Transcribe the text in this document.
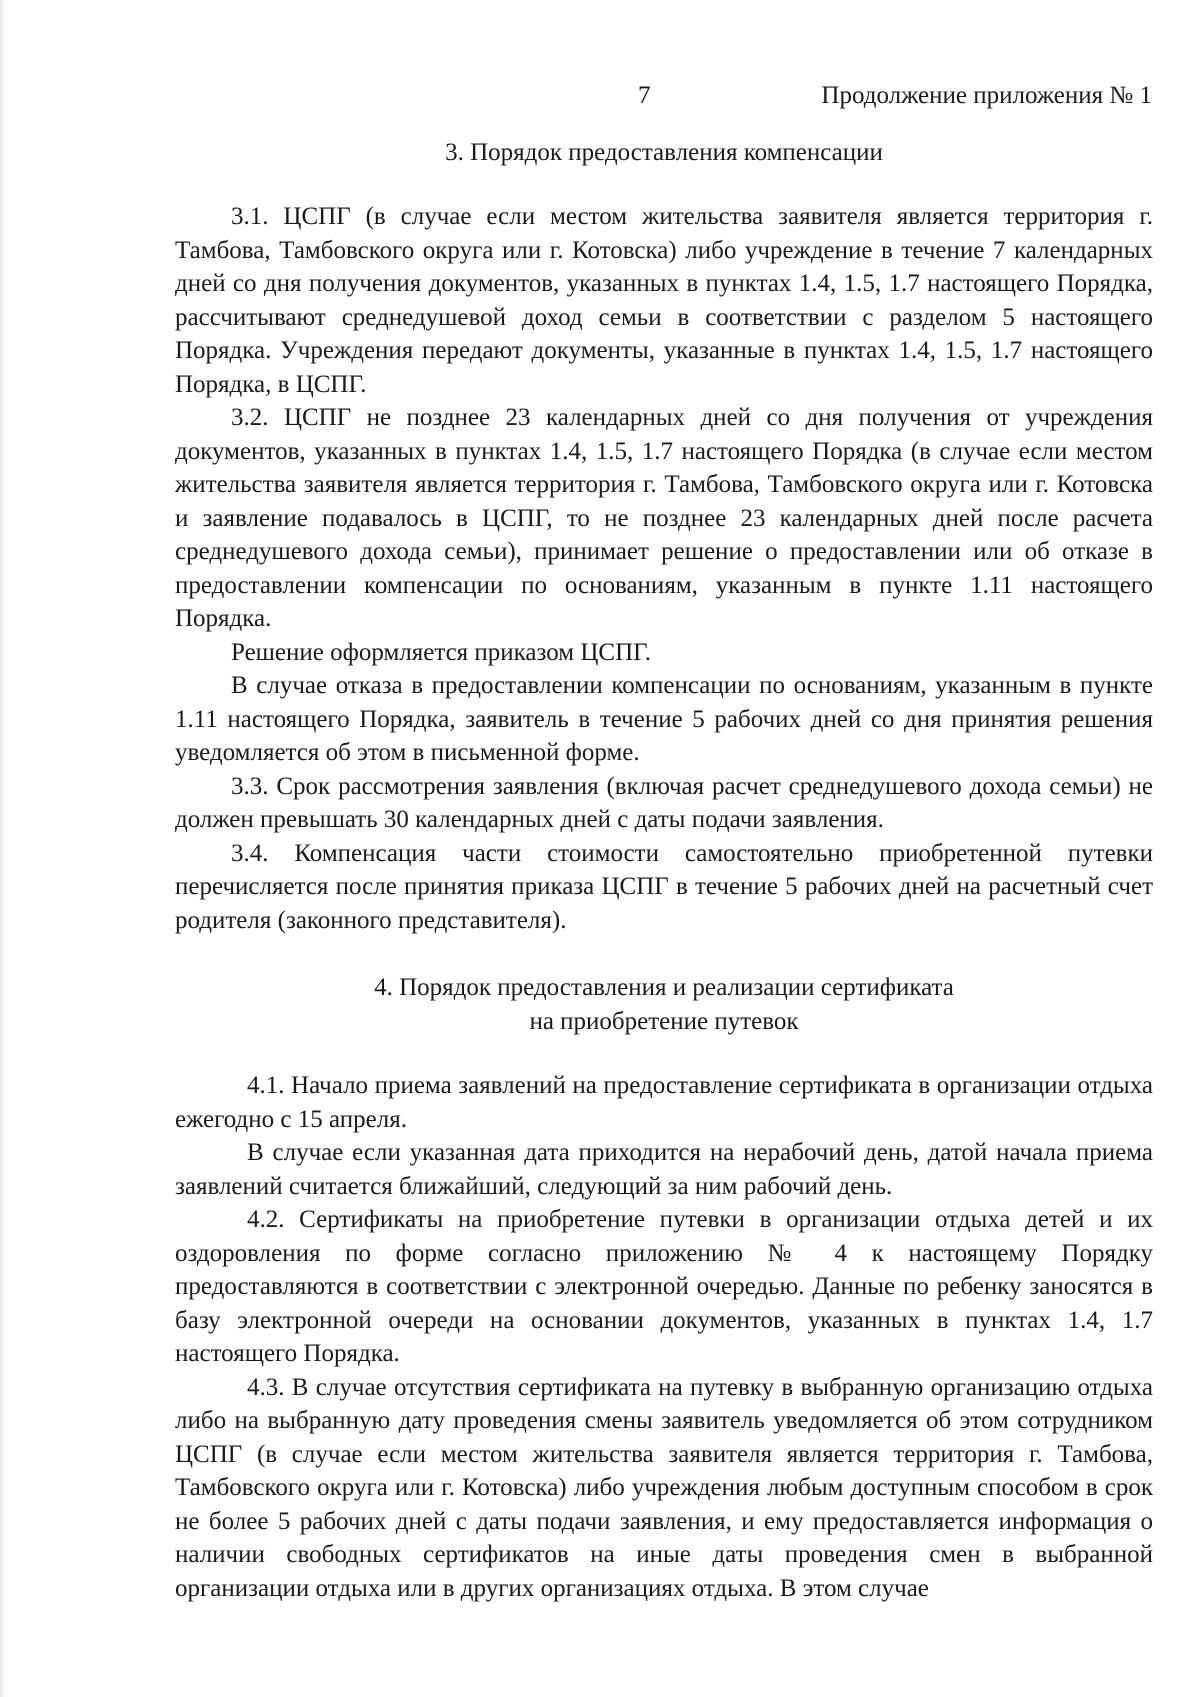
7	Продолжение приложения № 1
3. Порядок предоставления компенсации

3.1. ЦСПГ (в случае если местом жительства заявителя является территория г. Тамбова, Тамбовского округа или г. Котовска) либо учреждение в течение 7 календарных дней со дня получения документов, указанных в пунктах 1.4, 1.5, 1.7 настоящего Порядка, рассчитывают среднедушевой доход семьи в соответствии с разделом 5 настоящего Порядка. Учреждения передают документы, указанные в пунктах 1.4, 1.5, 1.7 настоящего Порядка, в ЦСПГ.

3.2. ЦСПГ не позднее 23 календарных дней со дня получения от учреждения документов, указанных в пунктах 1.4, 1.5, 1.7 настоящего Порядка (в случае если местом жительства заявителя является территория г. Тамбова, Тамбовского округа или г. Котовска и заявление подавалось в ЦСПГ, то не позднее 23 календарных дней после расчета среднедушевого дохода семьи), принимает решение о предоставлении или об отказе в предоставлении компенсации по основаниям, указанным в пункте 1.11 настоящего Порядка.

Решение оформляется приказом ЦСПГ.

В случае отказа в предоставлении компенсации по основаниям, указанным в пункте 1.11 настоящего Порядка, заявитель в течение 5 рабочих дней со дня принятия решения уведомляется об этом в письменной форме.

3.3. Срок рассмотрения заявления (включая расчет среднедушевого дохода семьи) не должен превышать 30 календарных дней с даты подачи заявления.

3.4. Компенсация части стоимости самостоятельно приобретенной путевки перечисляется после принятия приказа ЦСПГ в течение 5 рабочих дней на расчетный счет родителя (законного представителя).

4. Порядок предоставления и реализации сертификата
на приобретение путевок

4.1. Начало приема заявлений на предоставление сертификата в организации отдыха ежегодно с 15 апреля.

В случае если указанная дата приходится на нерабочий день, датой начала приема заявлений считается ближайший, следующий за ним рабочий день.

4.2. Сертификаты на приобретение путевки в организации отдыха детей и их оздоровления по форме согласно приложению № 4 к настоящему Порядку предоставляются в соответствии с электронной очередью. Данные по ребенку заносятся в базу электронной очереди на основании документов, указанных в пунктах 1.4, 1.7 настоящего Порядка.

4.3. В случае отсутствия сертификата на путевку в выбранную организацию отдыха либо на выбранную дату проведения смены заявитель уведомляется об этом сотрудником ЦСПГ (в случае если местом жительства заявителя является территория г. Тамбова, Тамбовского округа или г. Котовска) либо учреждения любым доступным способом в срок не более 5 рабочих дней с даты подачи заявления, и ему предоставляется информация о наличии свободных сертификатов на иные даты проведения смен в выбранной организации отдыха или в других организациях отдыха. В этом случае
